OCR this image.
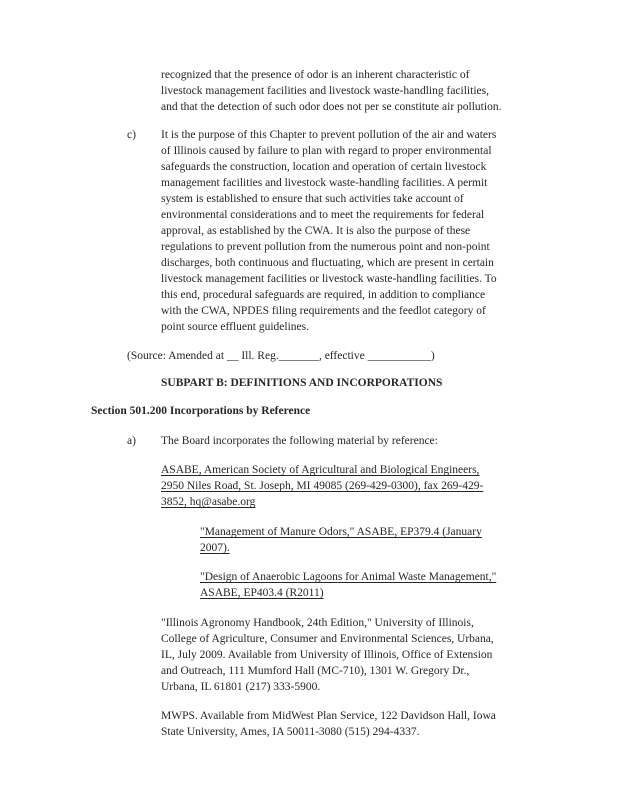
recognized that the presence of odor is an inherent characteristic of
livestock management facilities and livestock waste-handling facilities,
and that the detection of such odor does not per se constitute air pollution.
c) It is the purpose of this Chapter to prevent pollution of the air and waters
of Illinois caused by failure to plan with regard to proper environmental
safeguards the construction, location and operation of certain livestock
management facilities and livestock waste-handling facilities. A permit
system is established to ensure that such activities take account of
environmental considerations and to meet the requirements for federal
approval, as established by the CWA. It is also the purpose of these
regulations to prevent pollution from the numerous point and non-point
discharges, both continuous and fluctuating, which are present in certain
livestock management facilities or livestock waste-handling facilities. To
this end, procedural safeguards are required, in addition to compliance
with the CWA, NPDES filing requirements and the feedlot category of
point source effluent guidelines.
(Source: Amended at __ Ill. Reg._______, effective ___________)
SUBPART B: DEFINITIONS AND INCORPORATIONS
Section 501.200 Incorporations by Reference
a) The Board incorporates the following material by reference:
ASABE, American Society of Agricultural and Biological Engineers,
2950 Niles Road, St. Joseph, MI 49085 (269-429-0300), fax 269-429-
3852, hq@asabe.org
"Management of Manure Odors," ASABE, EP379.4 (January
2007).
"Design of Anaerobic Lagoons for Animal Waste Management,"
ASABE, EP403.4 (R2011)
"Illinois Agronomy Handbook, 24th Edition," University of Illinois,
College of Agriculture, Consumer and Environmental Sciences, Urbana,
IL, July 2009. Available from University of Illinois, Office of Extension
and Outreach, 111 Mumford Hall (MC-710), 1301 W. Gregory Dr.,
Urbana, IL 61801 (217) 333-5900.
MWPS. Available from MidWest Plan Service, 122 Davidson Hall, Iowa
State University, Ames, IA 50011-3080 (515) 294-4337.
